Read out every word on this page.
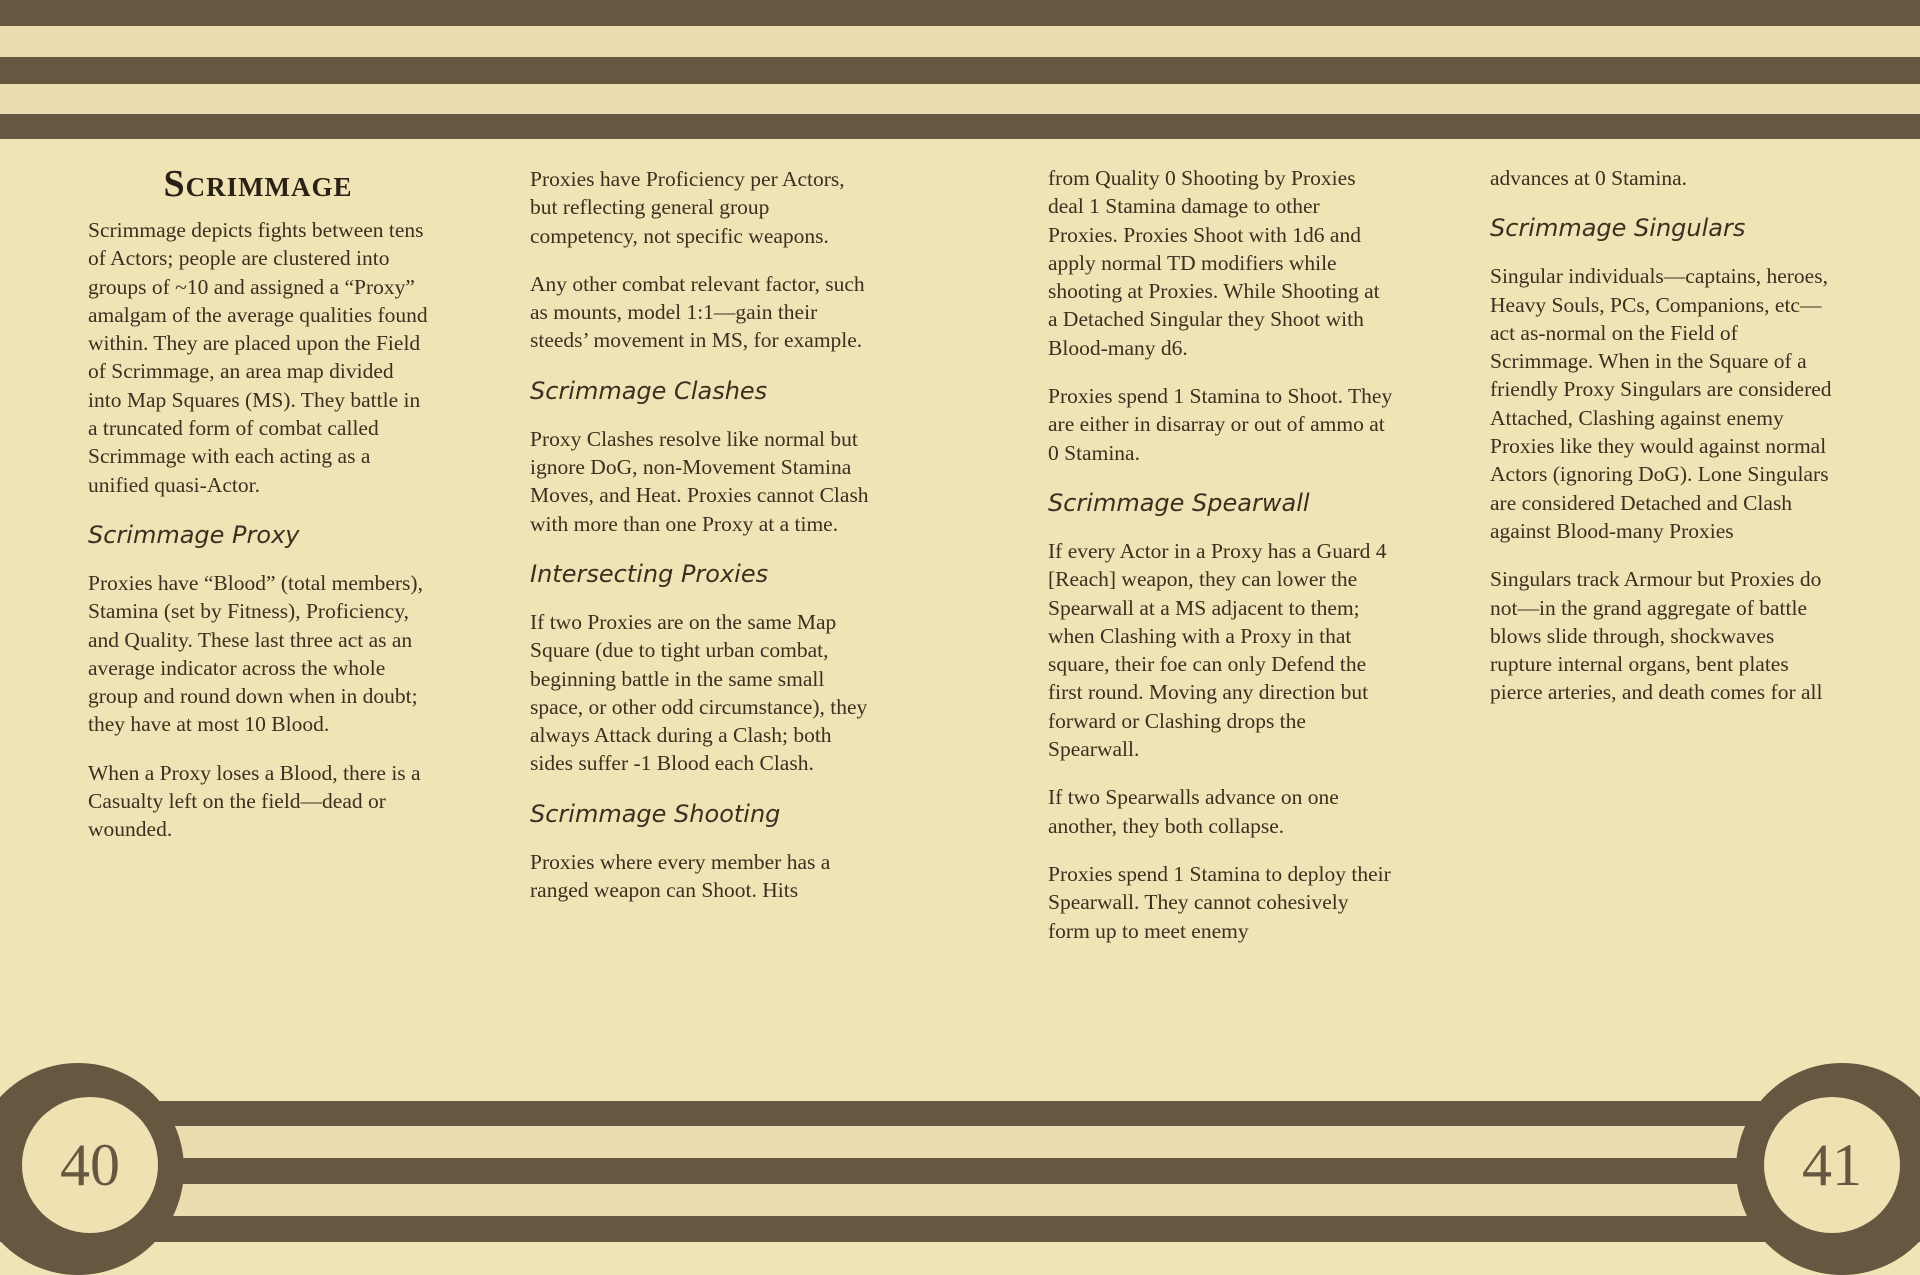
40	41
Scrimmage

Scrimmage depicts fights between tens of Actors; people are clustered into groups of ~10 and assigned a “Proxy” amalgam of the average qualities found within. They are placed upon the Field of Scrimmage, an area map divided into Map Squares (MS). They battle in a truncated form of combat called Scrimmage with each acting as a unified quasi-Actor.

Scrimmage Proxy

Proxies have “Blood” (total members), Stamina (set by Fitness), Proficiency, and Quality. These last three act as an average indicator across the whole group and round down when in doubt; they have at most 10 Blood.

When a Proxy loses a Blood, there is a Casualty left on the field—dead or wounded.

Proxies have Proficiency per Actors, but reflecting general group competency, not specific weapons.

Any other combat relevant factor, such as mounts, model 1:1—gain their steeds’ movement in MS, for example.

Scrimmage Clashes

Proxy Clashes resolve like normal but ignore DoG, non-Movement Stamina Moves, and Heat. Proxies cannot Clash with more than one Proxy at a time.

Intersecting Proxies

If two Proxies are on the same Map Square (due to tight urban combat, beginning battle in the same small space, or other odd circumstance), they always Attack during a Clash; both sides suffer -1 Blood each Clash.

Scrimmage Shooting

Proxies where every member has a ranged weapon can Shoot. Hits

from Quality 0 Shooting by Proxies deal 1 Stamina damage to other Proxies. Proxies Shoot with 1d6 and apply normal TD modifiers while shooting at Proxies. While Shooting at a Detached Singular they Shoot with Blood-many d6.

Proxies spend 1 Stamina to Shoot. They are either in disarray or out of ammo at 0 Stamina.

Scrimmage Spearwall

If every Actor in a Proxy has a Guard 4 [Reach] weapon, they can lower the Spearwall at a MS adjacent to them; when Clashing with a Proxy in that square, their foe can only Defend the first round. Moving any direction but forward or Clashing drops the Spearwall.

If two Spearwalls advance on one another, they both collapse.

Proxies spend 1 Stamina to deploy their Spearwall. They cannot cohesively form up to meet enemy

advances at 0 Stamina.

Scrimmage Singulars

Singular individuals—captains, heroes, Heavy Souls, PCs, Companions, etc—act as-normal on the Field of Scrimmage. When in the Square of a friendly Proxy Singulars are considered Attached, Clashing against enemy Proxies like they would against normal Actors (ignoring DoG). Lone Singulars are considered Detached and Clash against Blood-many Proxies

Singulars track Armour but Proxies do not—in the grand aggregate of battle blows slide through, shockwaves rupture internal organs, bent plates pierce arteries, and death comes for all
